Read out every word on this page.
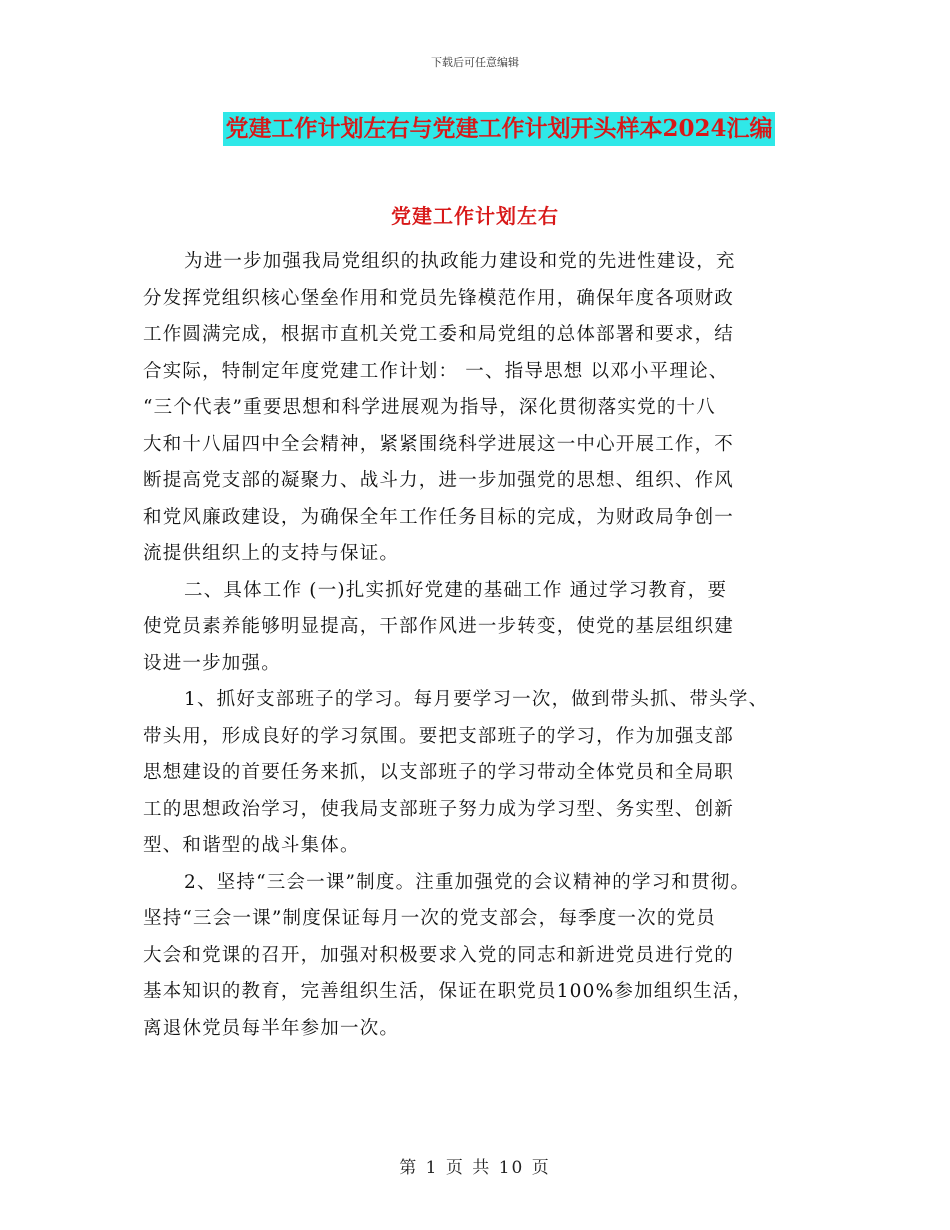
下载后可任意编辑
党建工作计划左右与党建工作计划开头样本2024汇编
党建工作计划左右
为进一步加强我局党组织的执政能力建设和党的先进性建设，充
分发挥党组织核心堡垒作用和党员先锋模范作用，确保年度各项财政
工作圆满完成，根据市直机关党工委和局党组的总体部署和要求，结
合实际，特制定年度党建工作计划： 一、指导思想 以邓小平理论、
“三个代表”重要思想和科学进展观为指导，深化贯彻落实党的十八
大和十八届四中全会精神，紧紧围绕科学进展这一中心开展工作，不
断提高党支部的凝聚力、战斗力，进一步加强党的思想、组织、作风
和党风廉政建设，为确保全年工作任务目标的完成，为财政局争创一
流提供组织上的支持与保证。
二、具体工作 (一)扎实抓好党建的基础工作 通过学习教育，要
使党员素养能够明显提高，干部作风进一步转变，使党的基层组织建
设进一步加强。
1、抓好支部班子的学习。每月要学习一次，做到带头抓、带头学、
带头用，形成良好的学习氛围。要把支部班子的学习，作为加强支部
思想建设的首要任务来抓，以支部班子的学习带动全体党员和全局职
工的思想政治学习，使我局支部班子努力成为学习型、务实型、创新
型、和谐型的战斗集体。
2、坚持“三会一课”制度。注重加强党的会议精神的学习和贯彻。
坚持“三会一课”制度保证每月一次的党支部会，每季度一次的党员
大会和党课的召开，加强对积极要求入党的同志和新进党员进行党的
基本知识的教育，完善组织生活，保证在职党员100%参加组织生活，
离退休党员每半年参加一次。
第 1 页 共 10 页
